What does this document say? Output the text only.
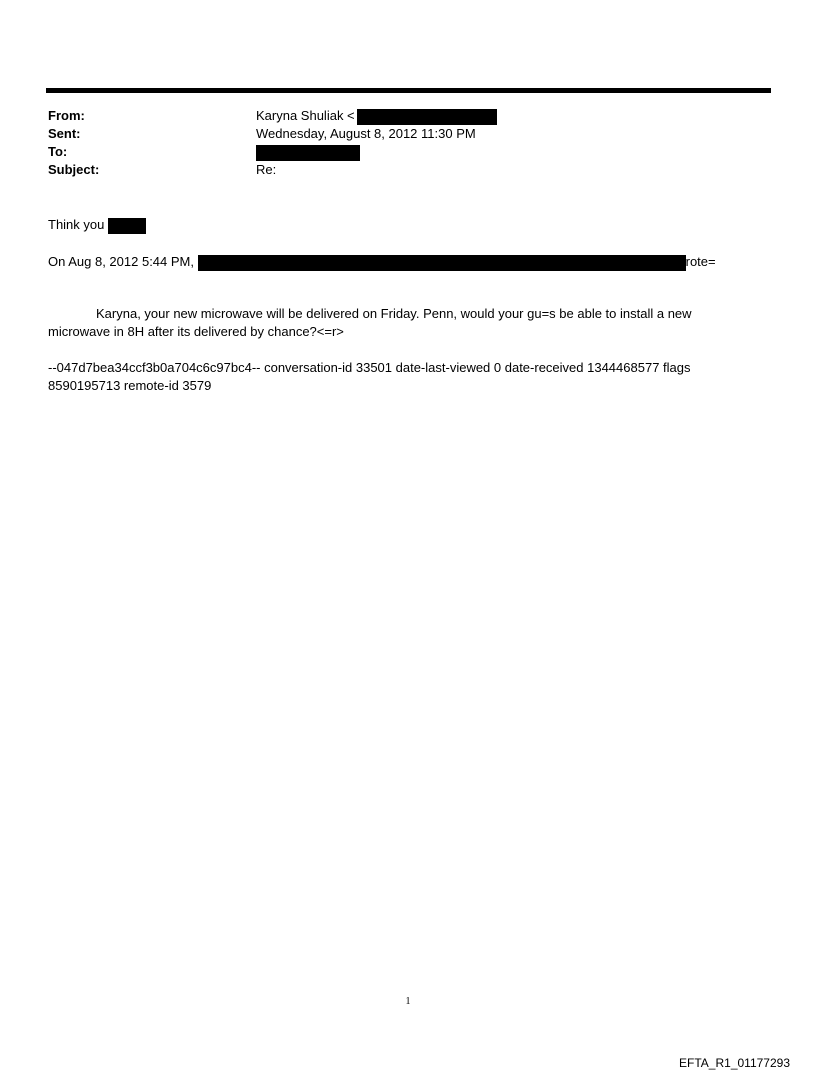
From:	Karyna Shuliak <
Sent:	Wednesday, August 8, 2012 11:30 PM
To:
Subject:	Re:
Think you
On Aug 8, 2012 5:44 PM,	rote=
Karyna, your new microwave will be delivered on Friday. Penn, would your gu=s be able to install a new microwave in 8H after its delivered by chance?<=r>
--047d7bea34ccf3b0a704c6c97bc4-- conversation-id 33501 date-last-viewed 0 date-received 1344468577 flags 8590195713 remote-id 3579
1
EFTA_R1_01177293
